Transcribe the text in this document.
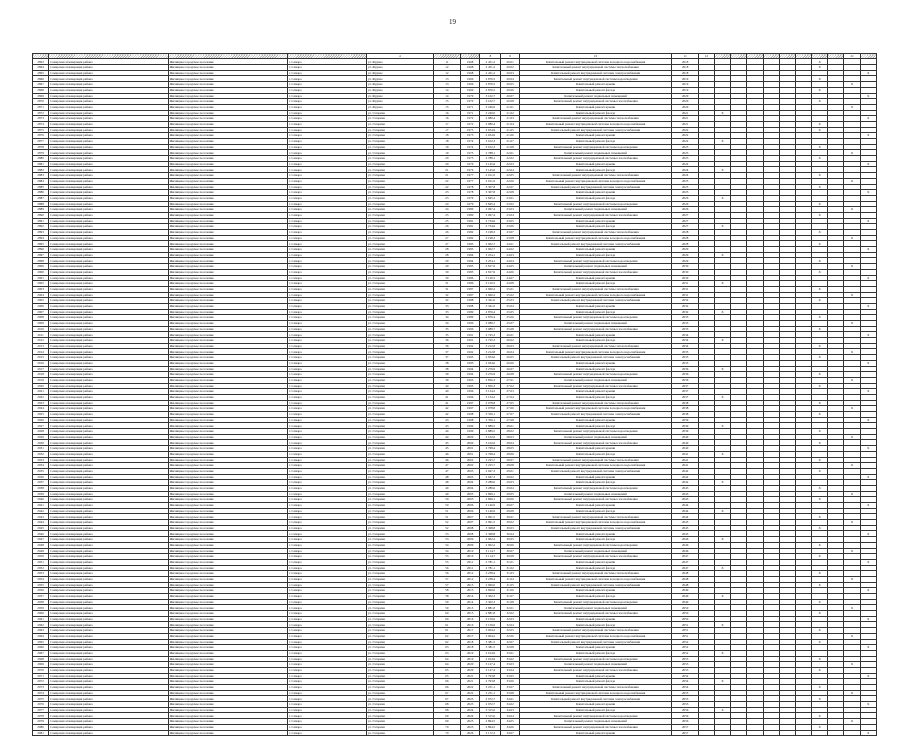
19
				4			8	9	10	11	12									21	
2863	Самарская агломерация района	Жилищное городское поселение	г. Самара	ул. Фрунзе	11	1968	2 451,2	20.01	Капитальный ремонт внутридомовой системы холодного водоснабжения	2018								X			
2864	Самарская агломерация района	Жилищное городское поселение	г. Самара	ул. Фрунзе	12	1968	2 451,2	20.02	Капитальный ремонт внутридомовой системы теплоснабжения	2018								X			
2865	Самарская агломерация района	Жилищное городское поселение	г. Самара	ул. Фрунзе	12	1968	2 451,2	20.03	Капитальный ремонт внутридомовой системы электроснабжения	2018											X
2866	Самарская агломерация района	Жилищное городское поселение	г. Самара	ул. Фрунзе	13	1969	2 876,5	20.04	Капитальный ремонт внутридомовой системы водоотведения	2019								X			
2867	Самарская агломерация района	Жилищное городское поселение	г. Самара	ул. Фрунзе	13	1969	2 876,5	20.05	Капитальный ремонт крыши	2019										X	
2868	Самарская агломерация района	Жилищное городское поселение	г. Самара	ул. Фрунзе	14	1969	2 876,5	20.06	Капитальный ремонт фасада	2019								X			
2869	Самарская агломерация района	Жилищное городское поселение	г. Самара	ул. Фрунзе	14	1970	3 102,7	20.07	Капитальный ремонт подвальных помещений	2020											X
2870	Самарская агломерация района	Жилищное городское поселение	г. Самара	ул. Фрунзе	15	1970	3 102,7	20.08	Капитальный ремонт внутридомовой системы газоснабжения	2020								X			
2871	Самарская агломерация района	Жилищное городское поселение	г. Самара	ул. Фрунзе	15	1971	3 240,0	21.01	Капитальный ремонт крыши	2020										X	
2872	Самарская агломерация района	Жилищное городское поселение	г. Самара	ул. Гагарина	16	1971	3 240,0	21.02	Капитальный ремонт фасада	2021		X									
2873	Самарская агломерация района	Жилищное городское поселение	г. Самара	ул. Гагарина	16	1972	2 980,4	21.03	Капитальный ремонт внутридомовой системы теплоснабжения	2021											X
2874	Самарская агломерация района	Жилищное городское поселение	г. Самара	ул. Гагарина	17	1972	2 980,4	21.04	Капитальный ремонт внутридомовой системы холодного водоснабжения	2021								X			
2875	Самарская агломерация района	Жилищное городское поселение	г. Самара	ул. Гагарина	17	1973	2 654,9	21.05	Капитальный ремонт внутридомовой системы электроснабжения	2022								X			
2876	Самарская агломерация района	Жилищное городское поселение	г. Самара	ул. Гагарина	18	1973	2 654,9	21.06	Капитальный ремонт крыши	2022											X
2877	Самарская агломерация района	Жилищное городское поселение	г. Самара	ул. Гагарина	18	1974	3 012,3	21.07	Капитальный ремонт фасада	2022		X									
2878	Самарская агломерация района	Жилищное городское поселение	г. Самара	ул. Гагарина	19	1974	3 012,3	21.08	Капитальный ремонт внутридомовой системы водоотведения	2023								X			
2879	Самарская агломерация района	Жилищное городское поселение	г. Самара	ул. Гагарина	19	1975	2 788,1	22.01	Капитальный ремонт подвальных помещений	2023										X	
2880	Самарская агломерация района	Жилищное городское поселение	г. Самара	ул. Гагарина	20	1975	2 788,1	22.02	Капитальный ремонт внутридомовой системы газоснабжения	2023								X			
2881	Самарская агломерация района	Жилищное городское поселение	г. Самара	ул. Гагарина	20	1976	3 145,6	22.03	Капитальный ремонт крыши	2024											X
2882	Самарская агломерация района	Жилищное городское поселение	г. Самара	ул. Гагарина	21	1976	3 145,6	22.04	Капитальный ремонт фасада	2024		X									
2883	Самарская агломерация района	Жилищное городское поселение	г. Самара	ул. Гагарина	21	1977	2 911,0	22.05	Капитальный ремонт внутридомовой системы теплоснабжения	2024								X			
2884	Самарская агломерация района	Жилищное городское поселение	г. Самара	ул. Гагарина	22	1977	2 911,0	22.06	Капитальный ремонт внутридомовой системы холодного водоснабжения	2025										X	
2885	Самарская агломерация района	Жилищное городское поселение	г. Самара	ул. Гагарина	22	1978	3 307,8	22.07	Капитальный ремонт внутридомовой системы электроснабжения	2025								X			
2886	Самарская агломерация района	Жилищное городское поселение	г. Самара	ул. Гагарина	23	1978	3 307,8	22.08	Капитальный ремонт крыши	2025											X
2887	Самарская агломерация района	Жилищное городское поселение	г. Самара	ул. Гагарина	23	1979	2 845,2	23.01	Капитальный ремонт фасада	2026		X									
2888	Самарская агломерация района	Жилищное городское поселение	г. Самара	ул. Гагарина	24	1979	2 845,2	23.02	Капитальный ремонт внутридомовой системы водоотведения	2026								X			
2889	Самарская агломерация района	Жилищное городское поселение	г. Самара	ул. Гагарина	24	1980	3 067,4	23.03	Капитальный ремонт подвальных помещений	2026										X	
2890	Самарская агломерация района	Жилищное городское поселение	г. Самара	ул. Гагарина	25	1980	3 067,4	23.04	Капитальный ремонт внутридомовой системы газоснабжения	2027								X			
2891	Самарская агломерация района	Жилищное городское поселение	г. Самара	ул. Гагарина	25	1981	2 734,6	23.05	Капитальный ремонт крыши	2027											X
2892	Самарская агломерация района	Жилищное городское поселение	г. Самара	ул. Гагарина	26	1981	2 734,6	23.06	Капитальный ремонт фасада	2027		X									
2893	Самарская агломерация района	Жилищное городское поселение	г. Самара	ул. Гагарина	26	1982	3 198,3	23.07	Капитальный ремонт внутридомовой системы теплоснабжения	2028								X			
2894	Самарская агломерация района	Жилищное городское поселение	г. Самара	ул. Гагарина	27	1982	3 198,3	23.08	Капитальный ремонт внутридомовой системы холодного водоснабжения	2028										X	
2895	Самарская агломерация района	Жилищное городское поселение	г. Самара	ул. Гагарина	27	1983	2 902,7	24.01	Капитальный ремонт внутридомовой системы электроснабжения	2028								X			
2896	Самарская агломерация района	Жилищное городское поселение	г. Самара	ул. Гагарина	28	1983	2 902,7	24.02	Капитальный ремонт крыши	2029											X
2897	Самарская агломерация района	Жилищное городское поселение	г. Самара	ул. Гагарина	28	1984	3 254,1	24.03	Капитальный ремонт фасада	2029		X									
2898	Самарская агломерация района	Жилищное городское поселение	г. Самара	ул. Гагарина	29	1984	3 254,1	24.04	Капитальный ремонт внутридомовой системы водоотведения	2029								X			
2899	Самарская агломерация района	Жилищное городское поселение	г. Самара	ул. Гагарина	29	1985	2 817,9	24.05	Капитальный ремонт подвальных помещений	2030										X	
2900	Самарская агломерация района	Жилищное городское поселение	г. Самара	ул. Гагарина	30	1985	2 817,9	24.06	Капитальный ремонт внутридомовой системы газоснабжения	2030								X			
2901	Самарская агломерация района	Жилищное городское поселение	г. Самара	ул. Гагарина	30	1986	3 120,5	24.07	Капитальный ремонт крыши	2030											X
2902	Самарская агломерация района	Жилищное городское поселение	г. Самара	ул. Гагарина	31	1986	3 120,5	24.08	Капитальный ремонт фасада	2031		X									
2903	Самарская агломерация района	Жилищное городское поселение	г. Самара	ул. Гагарина	31	1987	2 960,2	25.01	Капитальный ремонт внутридомовой системы теплоснабжения	2031								X			
2904	Самарская агломерация района	Жилищное городское поселение	г. Самара	ул. Гагарина	32	1987	2 960,2	25.02	Капитальный ремонт внутридомовой системы холодного водоснабжения	2031										X	
2905	Самарская агломерация района	Жилищное городское поселение	г. Самара	ул. Гагарина	32	1988	3 341,0	25.03	Капитальный ремонт внутридомовой системы электроснабжения	2032								X			
2906	Самарская агломерация района	Жилищное городское поселение	г. Самара	ул. Гагарина	33	1988	3 341,0	25.04	Капитальный ремонт крыши	2032											X
2907	Самарская агломерация района	Жилищное городское поселение	г. Самара	ул. Гагарина	33	1989	2 876,4	25.05	Капитальный ремонт фасада	2032		X									
2908	Самарская агломерация района	Жилищное городское поселение	г. Самара	ул. Гагарина	34	1989	2 876,4	25.06	Капитальный ремонт внутридомовой системы водоотведения	2033								X			
2909	Самарская агломерация района	Жилищное городское поселение	г. Самара	ул. Гагарина	34	1990	3 089,7	25.07	Капитальный ремонт подвальных помещений	2033										X	
2910	Самарская агломерация района	Жилищное городское поселение	г. Самара	ул. Гагарина	35	1990	3 089,7	25.08	Капитальный ремонт внутридомовой системы газоснабжения	2033								X			
2911	Самарская агломерация района	Жилищное городское поселение	г. Самара	ул. Гагарина	35	1991	2 745,3	26.01	Капитальный ремонт крыши	2034											X
2912	Самарская агломерация района	Жилищное городское поселение	г. Самара	ул. Гагарина	36	1991	2 745,3	26.02	Капитальный ремонт фасада	2034		X									
2913	Самарская агломерация района	Жилищное городское поселение	г. Самара	ул. Гагарина	36	1992	3 212,8	26.03	Капитальный ремонт внутридомовой системы теплоснабжения	2034								X			
2914	Самарская агломерация района	Жилищное городское поселение	г. Самара	ул. Гагарина	37	1992	3 212,8	26.04	Капитальный ремонт внутридомовой системы холодного водоснабжения	2035										X	
2915	Самарская агломерация района	Жилищное городское поселение	г. Самара	ул. Гагарина	37	1993	2 934,6	26.05	Капитальный ремонт внутридомовой системы электроснабжения	2035								X			
2916	Самарская агломерация района	Жилищное городское поселение	г. Самара	ул. Гагарина	38	1993	2 934,6	26.06	Капитальный ремонт крыши	2035											X
2917	Самарская агломерация района	Жилищное городское поселение	г. Самара	ул. Гагарина	38	1994	3 276,9	26.07	Капитальный ремонт фасада	2036		X									
2918	Самарская агломерация района	Жилищное городское поселение	г. Самара	ул. Гагарина	39	1994	3 276,9	26.08	Капитальный ремонт внутридомовой системы водоотведения	2036								X			
2919	Самарская агломерация района	Жилищное городское поселение	г. Самара	ул. Гагарина	39	1995	2 856,3	27.01	Капитальный ремонт подвальных помещений	2036										X	
2920	Самарская агломерация района	Жилищное городское поселение	г. Самара	ул. Гагарина	40	1995	2 856,3	27.02	Капитальный ремонт внутридомовой системы газоснабжения	2037								X			
2921	Самарская агломерация района	Жилищное городское поселение	г. Самара	ул. Гагарина	40	1996	3 134,2	27.03	Капитальный ремонт крыши	2037											X
2922	Самарская агломерация района	Жилищное городское поселение	г. Самара	ул. Гагарина	41	1996	3 134,2	27.04	Капитальный ремонт фасада	2037		X									
2923	Самарская агломерация района	Жилищное городское поселение	г. Самара	ул. Гагарина	41	1997	2 978,8	27.05	Капитальный ремонт внутридомовой системы теплоснабжения	2038								X			
2924	Самарская агломерация района	Жилищное городское поселение	г. Самара	ул. Гагарина	42	1997	2 978,8	27.06	Капитальный ремонт внутридомовой системы холодного водоснабжения	2038										X	
2925	Самарская агломерация района	Жилищное городское поселение	г. Самара	ул. Гагарина	42	1998	3 356,1	27.07	Капитальный ремонт внутридомовой системы электроснабжения	2038								X			
2926	Самарская агломерация района	Жилищное городское поселение	г. Самара	ул. Гагарина	43	1998	3 356,1	27.08	Капитальный ремонт крыши	2039											X
2927	Самарская агломерация района	Жилищное городское поселение	г. Самара	ул. Гагарина	43	1999	2 889,5	28.01	Капитальный ремонт фасада	2039		X									
2928	Самарская агломерация района	Жилищное городское поселение	г. Самара	ул. Гагарина	44	1999	2 889,5	28.02	Капитальный ремонт внутридомовой системы водоотведения	2039								X			
2929	Самарская агломерация района	Жилищное городское поселение	г. Самара	ул. Гагарина	44	2000	3 102,0	28.03	Капитальный ремонт подвальных помещений	2040										X	
2930	Самарская агломерация района	Жилищное городское поселение	г. Самара	ул. Гагарина	45	2000	3 102,0	28.04	Капитальный ремонт внутридомовой системы газоснабжения	2040								X			
2931	Самарская агломерация района	Жилищное городское поселение	г. Самара	ул. Гагарина	45	2001	2 768,4	28.05	Капитальный ремонт крыши	2040											X
2932	Самарская агломерация района	Жилищное городское поселение	г. Самара	ул. Гагарина	46	2001	2 768,4	28.06	Капитальный ремонт фасада	2041		X									
2933	Самарская агломерация района	Жилищное городское поселение	г. Самара	ул. Гагарина	46	2002	3 225,7	28.07	Капитальный ремонт внутридомовой системы теплоснабжения	2041								X			
2934	Самарская агломерация района	Жилищное городское поселение	г. Самара	ул. Гагарина	47	2002	3 225,7	28.08	Капитальный ремонт внутридомовой системы холодного водоснабжения	2041										X	
2935	Самарская агломерация района	Жилищное городское поселение	г. Самара	ул. Гагарина	47	2003	2 947,3	29.01	Капитальный ремонт внутридомовой системы электроснабжения	2042								X			
2936	Самарская агломерация района	Жилищное городское поселение	г. Самара	ул. Гагарина	48	2003	2 947,3	29.02	Капитальный ремонт крыши	2042											X
2937	Самарская агломерация района	Жилищное городское поселение	г. Самара	ул. Гагарина	48	2004	3 289,6	29.03	Капитальный ремонт фасада	2042		X									
2938	Самарская агломерация района	Жилищное городское поселение	г. Самара	ул. Гагарина	49	2004	3 289,6	29.04	Капитальный ремонт внутридомовой системы водоотведения	2043								X			
2939	Самарская агломерация района	Жилищное городское поселение	г. Самара	ул. Гагарина	49	2005	2 869,1	29.05	Капитальный ремонт подвальных помещений	2043										X	
2940	Самарская агломерация района	Жилищное городское поселение	г. Самара	ул. Гагарина	50	2005	2 869,1	29.06	Капитальный ремонт внутридомовой системы газоснабжения	2043								X			
2941	Самарская агломерация района	Жилищное городское поселение	г. Самара	ул. Гагарина	50	2006	3 146,9	29.07	Капитальный ремонт крыши	2044											X
2942	Самарская агломерация района	Жилищное городское поселение	г. Самара	ул. Гагарина	51	2006	3 146,9	29.08	Капитальный ремонт фасада	2044		X									
2943	Самарская агломерация района	Жилищное городское поселение	г. Самара	ул. Гагарина	51	2007	2 991,5	30.01	Капитальный ремонт внутридомовой системы теплоснабжения	2044								X			
2944	Самарская агломерация района	Жилищное городское поселение	г. Самара	ул. Гагарина	52	2007	2 991,5	30.02	Капитальный ремонт внутридомовой системы холодного водоснабжения	2045										X	
2945	Самарская агломерация района	Жилищное городское поселение	г. Самара	ул. Гагарина	52	2008	3 368,8	30.03	Капитальный ремонт внутридомовой системы электроснабжения	2045								X			
2946	Самарская агломерация района	Жилищное городское поселение	г. Самара	ул. Гагарина	53	2008	3 368,8	30.04	Капитальный ремонт крыши	2045											X
2947	Самарская агломерация района	Жилищное городское поселение	г. Самара	ул. Гагарина	53	2009	2 902,2	30.05	Капитальный ремонт фасада	2046		X									
2948	Самарская агломерация района	Жилищное городское поселение	г. Самара	ул. Гагарина	54	2009	2 902,2	30.06	Капитальный ремонт внутридомовой системы водоотведения	2046								X			
2949	Самарская агломерация района	Жилищное городское поселение	г. Самара	ул. Гагарина	54	2010	3 114,7	30.07	Капитальный ремонт подвальных помещений	2046										X	
2950	Самарская агломерация района	Жилищное городское поселение	г. Самара	ул. Гагарина	55	2010	3 114,7	30.08	Капитальный ремонт внутридомовой системы газоснабжения	2047								X			
2951	Самарская агломерация района	Жилищное городское поселение	г. Самара	ул. Гагарина	55	2011	2 781,1	31.01	Капитальный ремонт крыши	2047											X
2952	Самарская агломерация района	Жилищное городское поселение	г. Самара	ул. Гагарина	56	2011	2 781,1	31.02	Капитальный ремонт фасада	2047		X									
2953	Самарская агломерация района	Жилищное городское поселение	г. Самара	ул. Гагарина	56	2012	3 238,4	31.03	Капитальный ремонт внутридомовой системы теплоснабжения	2048								X			
2954	Самарская агломерация района	Жилищное городское поселение	г. Самара	ул. Гагарина	57	2012	3 238,4	31.04	Капитальный ремонт внутридомовой системы холодного водоснабжения	2048										X	
2955	Самарская агломерация района	Жилищное городское поселение	г. Самара	ул. Гагарина	57	2013	2 960,0	31.05	Капитальный ремонт внутридомовой системы электроснабжения	2048								X			
2956	Самарская агломерация района	Жилищное городское поселение	г. Самара	ул. Гагарина	58	2013	2 960,0	31.06	Капитальный ремонт крыши	2049											X
2957	Самарская агломерация района	Жилищное городское поселение	г. Самара	ул. Гагарина	58	2014	3 302,3	31.07	Капитальный ремонт фасада	2049		X									
2958	Самарская агломерация района	Жилищное городское поселение	г. Самара	ул. Гагарина	59	2014	3 302,3	31.08	Капитальный ремонт внутридомовой системы водоотведения	2049								X			
2959	Самарская агломерация района	Жилищное городское поселение	г. Самара	ул. Гагарина	59	2015	2 881,8	32.01	Капитальный ремонт подвальных помещений	2050										X	
2960	Самарская агломерация района	Жилищное городское поселение	г. Самара	ул. Гагарина	60	2015	2 881,8	32.02	Капитальный ремонт внутридомовой системы газоснабжения	2050								X			
2961	Самарская агломерация района	Жилищное городское поселение	г. Самара	ул. Гагарина	60	2016	3 159,6	32.03	Капитальный ремонт крыши	2050											X
2962	Самарская агломерация района	Жилищное городское поселение	г. Самара	ул. Гагарина	61	2016	3 159,6	32.04	Капитальный ремонт фасада	2051		X									
2963	Самарская агломерация района	Жилищное городское поселение	г. Самара	ул. Гагарина	61	2017	3 004,2	32.05	Капитальный ремонт внутридомовой системы теплоснабжения	2051								X			
2964	Самарская агломерация района	Жилищное городское поселение	г. Самара	ул. Гагарина	62	2017	3 004,2	32.06	Капитальный ремонт внутридомовой системы холодного водоснабжения	2051										X	
2965	Самарская агломерация района	Жилищное городское поселение	г. Самара	ул. Гагарина	62	2018	3 381,5	32.07	Капитальный ремонт внутридомовой системы электроснабжения	2052								X			
2966	Самарская агломерация района	Жилищное городское поселение	г. Самара	ул. Гагарина	63	2018	3 381,5	32.08	Капитальный ремонт крыши	2052											X
2967	Самарская агломерация района	Жилищное городское поселение	г. Самара	ул. Гагарина	63	2019	2 914,9	33.01	Капитальный ремонт фасада	2052		X									
2968	Самарская агломерация района	Жилищное городское поселение	г. Самара	ул. Гагарина	64	2019	2 914,9	33.02	Капитальный ремонт внутридомовой системы водоотведения	2053								X			
2969	Самарская агломерация района	Жилищное городское поселение	г. Самара	ул. Гагарина	64	2020	3 127,4	33.03	Капитальный ремонт подвальных помещений	2053										X	
2970	Самарская агломерация района	Жилищное городское поселение	г. Самара	ул. Гагарина	65	2020	3 127,4	33.04	Капитальный ремонт внутридомовой системы газоснабжения	2053								X			
2971	Самарская агломерация района	Жилищное городское поселение	г. Самара	ул. Гагарина	65	2021	2 793,8	33.05	Капитальный ремонт крыши	2054											X
2972	Самарская агломерация района	Жилищное городское поселение	г. Самара	ул. Гагарина	66	2021	2 793,8	33.06	Капитальный ремонт фасада	2054		X									
2973	Самарская агломерация района	Жилищное городское поселение	г. Самара	ул. Гагарина	66	2022	3 251,1	33.07	Капитальный ремонт внутридомовой системы теплоснабжения	2054								X			
2974	Самарская агломерация района	Жилищное городское поселение	г. Самара	ул. Гагарина	67	2022	3 251,1	33.08	Капитальный ремонт внутридомовой системы холодного водоснабжения	2055										X	
2975	Самарская агломерация района	Жилищное городское поселение	г. Самара	ул. Гагарина	67	2023	2 972,7	34.01	Капитальный ремонт внутридомовой системы электроснабжения	2055								X			
2976	Самарская агломерация района	Жилищное городское поселение	г. Самара	ул. Гагарина	68	2023	2 972,7	34.02	Капитальный ремонт крыши	2055											X
2977	Самарская агломерация района	Жилищное городское поселение	г. Самара	ул. Гагарина	68	2024	3 315,0	34.03	Капитальный ремонт фасада	2056		X									
2978	Самарская агломерация района	Жилищное городское поселение	г. Самара	ул. Гагарина	69	2024	3 315,0	34.04	Капитальный ремонт внутридомовой системы водоотведения	2056								X			
2979	Самарская агломерация района	Жилищное городское поселение	г. Самара	ул. Гагарина	69	2025	2 894,5	34.05	Капитальный ремонт подвальных помещений	2056										X	
2980	Самарская агломерация района	Жилищное городское поселение	г. Самара	ул. Гагарина	70	2025	2 894,5	34.06	Капитальный ремонт внутридомовой системы газоснабжения	2057								X			
2981	Самарская агломерация района	Жилищное городское поселение	г. Самара	ул. Гагарина	70	2026	3 172,3	34.07	Капитальный ремонт крыши	2057											X
